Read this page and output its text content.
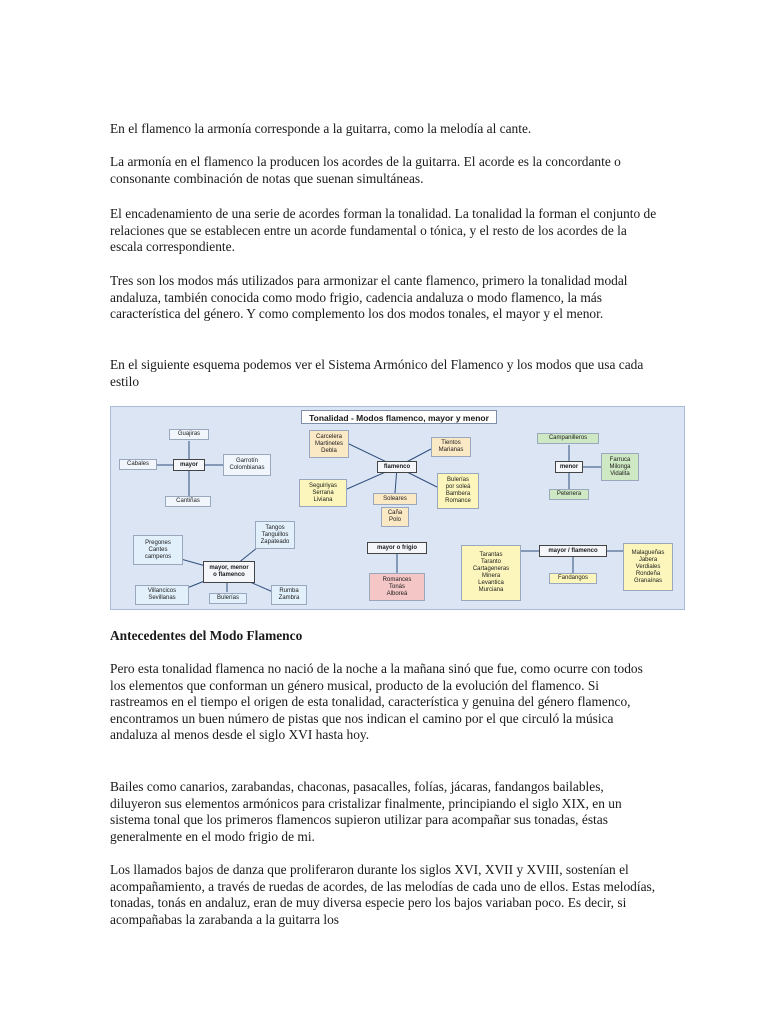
En el flamenco la armonía corresponde a la guitarra, como la melodía al cante.

La armonía en el flamenco la producen los acordes de la guitarra. El acorde es la concordante o consonante combinación de notas que suenan simultáneas.

El encadenamiento de una serie de acordes forman la tonalidad. La tonalidad la forman el conjunto de relaciones que se establecen entre un acorde fundamental o tónica, y el resto de los acordes de la escala correspondiente.

Tres son los modos más utilizados para armonizar el cante flamenco, primero la tonalidad modal andaluza, también conocida como modo frigio, cadencia andaluza o modo flamenco, la más característica del género. Y como complemento los dos modos tonales, el mayor y el menor.

En el siguiente esquema podemos ver el Sistema Armónico del Flamenco y los modos que usa cada estilo

Tonalidad - Modos flamenco, mayor y menor
mayor
Guajiras
Cabales	Garrotín
Colombianas
Cantiñas
flamenco
Carcelera
Martinetes
Debla
Tientos
Marianas
Seguiriyas
Serrana
Liviana	Soleares
Caña
Polo
Bulerías
por soleá
Bambera
Romance
menor
Campanilleros
Farruca
Milonga
Vidalita
Petenera
mayor, menor
o flamenco
Tangos
Tanguillos
Zapateado
Pregones
Cantes
camperos
Villancicos
Sevillanas	Bulerías
Rumba
Zambra
mayor o frigio
Romances
Tonás
Alboreá
mayor / flamenco
Tarantas
Taranto
Cartageneras
Minera
Levantica
Murciana
Fandangos
Malagueñas
Jabera
Verdiales
Rondeña
Granaínas

Antecedentes del Modo Flamenco

Pero esta tonalidad flamenca no nació de la noche a la mañana sinó que fue, como ocurre con todos los elementos que conforman un género musical, producto de la evolución del flamenco. Si rastreamos en el tiempo el origen de esta tonalidad, característica y genuina del género flamenco, encontramos un buen número de pistas que nos indican el camino por el que circuló la música andaluza al menos desde el siglo XVI hasta hoy.

Bailes como canarios, zarabandas, chaconas, pasacalles, folías, jácaras, fandangos bailables, diluyeron sus elementos armónicos para cristalizar finalmente, principiando el siglo XIX, en un sistema tonal que los primeros flamencos supieron utilizar para acompañar sus tonadas, éstas generalmente en el modo frigio de mi.

Los llamados bajos de danza que proliferaron durante los siglos XVI, XVII y XVIII, sostenían el acompañamiento, a través de ruedas de acordes, de las melodías de cada uno de ellos. Estas melodías, tonadas, tonás en andaluz, eran de muy diversa especie pero los bajos variaban poco. Es decir, si acompañabas la zarabanda a la guitarra los
